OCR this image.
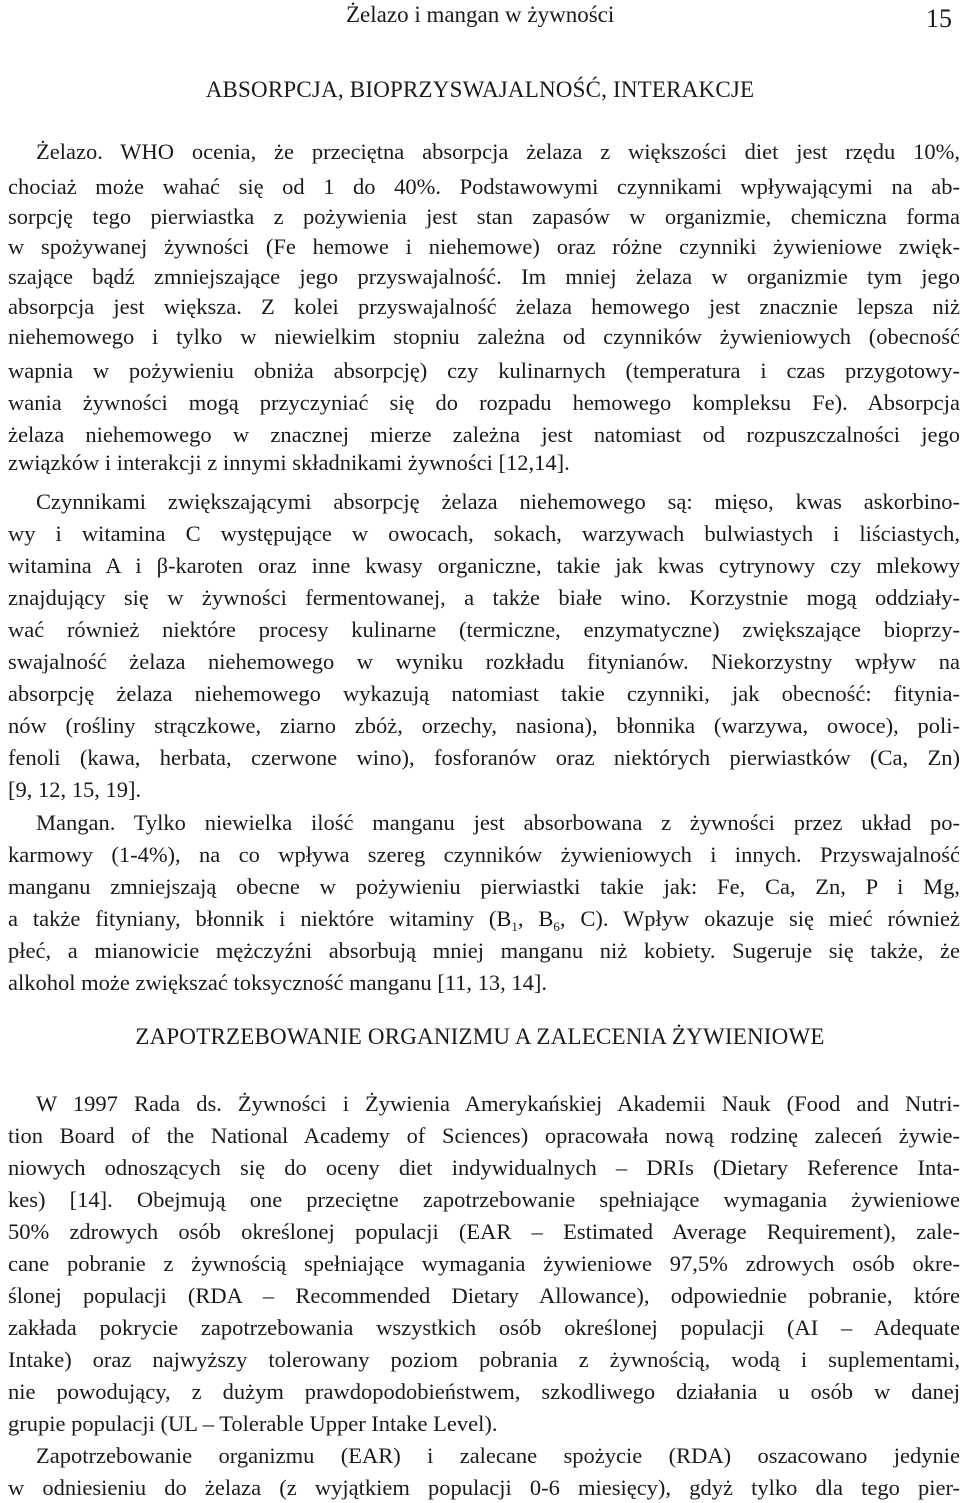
Żelazo i mangan w żywności	15
ABSORPCJA, BIOPRZYSWAJALNOŚĆ, INTERAKCJE
ZAPOTRZEBOWANIE ORGANIZMU A ZALECENIA ŻYWIENIOWE
Żelazo. WHO ocenia, że przeciętna absorpcja żelaza z większości diet jest rzędu 10%,
chociaż może wahać się od 1 do 40%. Podstawowymi czynnikami wpływającymi na ab-
sorpcję tego pierwiastka z pożywienia jest stan zapasów w organizmie, chemiczna forma
w spożywanej żywności (Fe hemowe i niehemowe) oraz różne czynniki żywieniowe zwięk-
szające bądź zmniejszające jego przyswajalność. Im mniej żelaza w organizmie tym jego
absorpcja jest większa. Z kolei przyswajalność żelaza hemowego jest znacznie lepsza niż
niehemowego i tylko w niewielkim stopniu zależna od czynników żywieniowych (obecność
wapnia w pożywieniu obniża absorpcję) czy kulinarnych (temperatura i czas przygotowy-
wania żywności mogą przyczyniać się do rozpadu hemowego kompleksu Fe). Absorpcja
żelaza niehemowego w znacznej mierze zależna jest natomiast od rozpuszczalności jego
związków i interakcji z innymi składnikami żywności [12,14].
Czynnikami zwiększającymi absorpcję żelaza niehemowego są: mięso, kwas askorbino-
wy i witamina C występujące w owocach, sokach, warzywach bulwiastych i liściastych,
witamina A i β-karoten oraz inne kwasy organiczne, takie jak kwas cytrynowy czy mlekowy
znajdujący się w żywności fermentowanej, a także białe wino. Korzystnie mogą oddziały-
wać również niektóre procesy kulinarne (termiczne, enzymatyczne) zwiększające bioprzy-
swajalność żelaza niehemowego w wyniku rozkładu fitynianów. Niekorzystny wpływ na
absorpcję żelaza niehemowego wykazują natomiast takie czynniki, jak obecność: fitynia-
nów (rośliny strączkowe, ziarno zbóż, orzechy, nasiona), błonnika (warzywa, owoce), poli-
fenoli (kawa, herbata, czerwone wino), fosforanów oraz niektórych pierwiastków (Ca, Zn)
[9, 12, 15, 19].
Mangan. Tylko niewielka ilość manganu jest absorbowana z żywności przez układ po-
karmowy (1-4%), na co wpływa szereg czynników żywieniowych i innych. Przyswajalność
manganu zmniejszają obecne w pożywieniu pierwiastki takie jak: Fe, Ca, Zn, P i Mg,
a także fityniany, błonnik i niektóre witaminy ($B_1$, $B_6$, C). Wpływ okazuje się mieć również
płeć, a mianowicie mężczyźni absorbują mniej manganu niż kobiety. Sugeruje się także, że
alkohol może zwiększać toksyczność manganu [11, 13, 14].
W 1997 Rada ds. Żywności i Żywienia Amerykańskiej Akademii Nauk (Food and Nutri-
tion Board of the National Academy of Sciences) opracowała nową rodzinę zaleceń żywie-
niowych odnoszących się do oceny diet indywidualnych – DRIs (Dietary Reference Inta-
kes) [14]. Obejmują one przeciętne zapotrzebowanie spełniające wymagania żywieniowe
50% zdrowych osób określonej populacji (EAR – Estimated Average Requirement), zale-
cane pobranie z żywnością spełniające wymagania żywieniowe 97,5% zdrowych osób okre-
ślonej populacji (RDA – Recommended Dietary Allowance), odpowiednie pobranie, które
zakłada pokrycie zapotrzebowania wszystkich osób określonej populacji (AI – Adequate
Intake) oraz najwyższy tolerowany poziom pobrania z żywnością, wodą i suplementami,
nie powodujący, z dużym prawdopodobieństwem, szkodliwego działania u osób w danej
grupie populacji (UL – Tolerable Upper Intake Level).
Zapotrzebowanie organizmu (EAR) i zalecane spożycie (RDA) oszacowano jedynie
w odniesieniu do żelaza (z wyjątkiem populacji 0-6 miesięcy), gdyż tylko dla tego pier-
